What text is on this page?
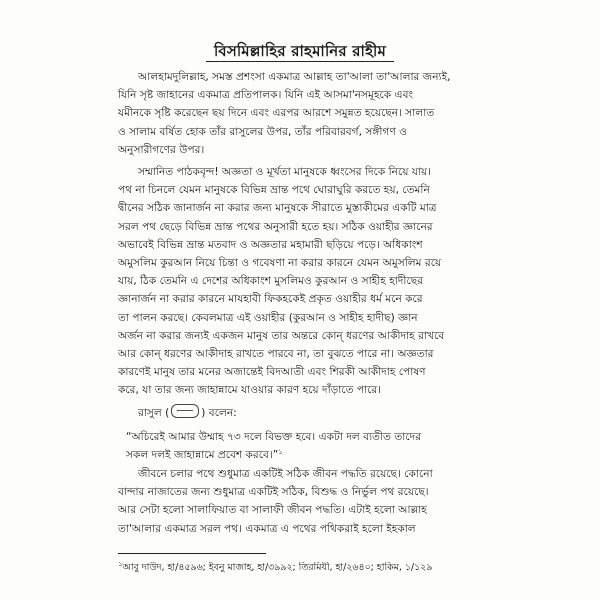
বিসমিল্লাহির রাহমানির রাহীম
আলহামদুলিল্লাহ, সমস্ত প্রশংসা একমাত্র আল্লাহ তা'আলা তা'আলার জন্যই,
যিনি সৃষ্ট জাহানের একমাত্র প্রতিপালক। যিনি এই আসমা'নসমূহকে এবং
যমীনকে সৃষ্টি করেছেন ছয় দিনে এবং এরপর আরশে সমুন্নত হয়েছেন। সালাত
ও সালাম বর্ষিত হোক তাঁর রাসুলের উপর, তাঁর পরিবারবর্গ, সঙ্গীগণ ও
অনুসারীগণের উপর।
সম্মানিত পাঠকবৃন্দ! অজ্ঞতা ও মূর্খতা মানুষকে ধ্বংসের দিকে নিয়ে যায়।
পথ না চিনলে যেমন মানুষকে বিভিন্ন ভ্রান্ত পথে ঘোরাঘুরি করতে হয়, তেমনি
দ্বীনের সঠিক জানার্জন না করার জন্য মানুষকে সীরাতে মুস্তাকীমের একটি মাত্র
সরল পথ ছেড়ে বিভিন্ন ভ্রান্ত পথের অনুসারী হতে হয়। সঠিক ওয়াহীর জ্ঞানের
অভাবেই বিভিন্ন ভ্রান্ত মতবাদ ও অজ্ঞতার মহামারী ছড়িয়ে পড়ে। অধিকাংশ
অমুসলিম কুরআন নিয়ে চিন্তা ও গবেষণা না করার কারনে যেমন অমুসলিম রয়ে
যায়, ঠিক তেমনি এ দেশের অধিকাংশ মুসলিমও কুরআন ও সাহীহ হাদীছের
জ্ঞানার্জন না করার কারনে মাযহাবী ফিকহকেই প্রকৃত ওয়াহীর ধর্ম মনে করে
তা পালন করছে। কেবলমাত্র এই ওয়াহীর (কুরআন ও সাহীহ হাদীছ) জ্ঞান
অর্জন না করার জন্যই একজন মানুষ তার অন্তরে কোন্ ধরণের আকীদাহ রাখবে
আর কোন্ ধরণের আকীদাহ রাখতে পারবে না, তা বুঝতে পারে না। অজ্ঞতার
কারণেই মানুষ তার মনের অজান্তেই বিদআতী এবং শিরকী আকীদাহ পোষণ
করে, যা তার জন্য জাহান্নামে যাওয়ার কারণ হয়ে দাঁড়াতে পারে।
রাসুল (	) বলেন:
“অচিরেই আমার উম্মাহ ৭৩ দলে বিভক্ত হবে। একটা দল ব্যতীত তাদের
সকল দলই জাহান্নামে প্রবেশ করবে।”$^১$
জীবনে চলার পথে শুধুমাত্র একটিই সঠিক জীবন পদ্ধতি রয়েছে। কোনো
বান্দার নাজাতের জন্য শুধুমাত্র একটিই সঠিক, বিশুদ্ধ ও নির্ভুল পথ রয়েছে।
আর সেটা হলো সালাফিয়াত বা সালাফী জীবন পদ্ধতি। এটাই হলো আল্লাহ
তা'আলার একমাত্র সরল পথ। একমাত্র এ পথের পথিকরাই হলো ইহকাল
$^১$আবু দাউদ, হা/৪৫৯৬; ইবনু মাজাহ, হা/৩৯৯২; তিরমিযী, হা/২৬৪০; হাকিম, ১/১২৯
